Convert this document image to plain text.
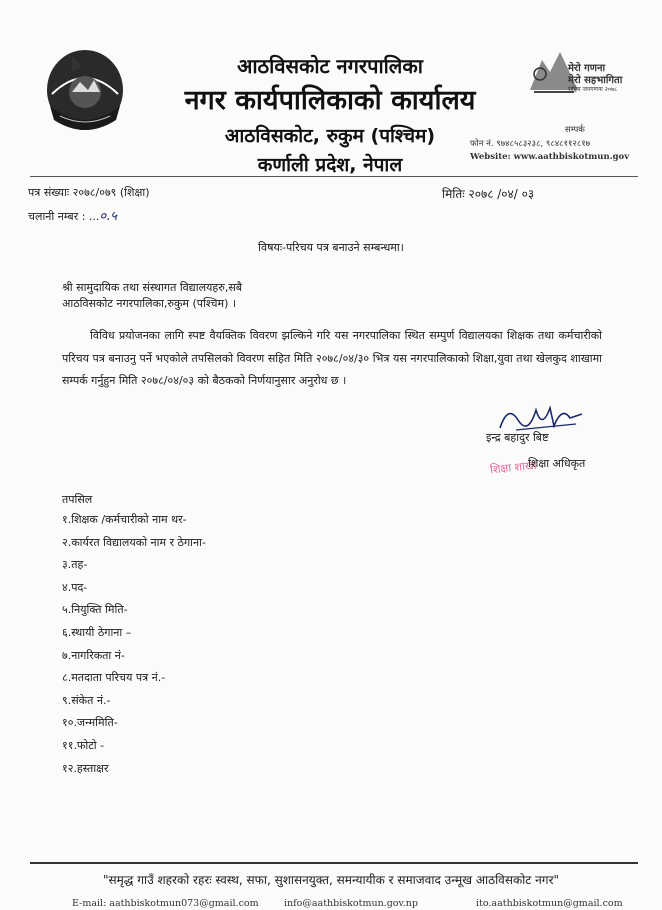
मेरो गणना
मेरो सहभागिता
राष्ट्रिय जनगणना २०७८
आठविसकोट नगरपालिका
नगर कार्यपालिकाको कार्यालय
आठविसकोट, रुकुम (पश्चिम)
कर्णाली प्रदेश, नेपाल
सम्पर्क
फोन नं. ९७४८५८३२३८, ९८४८११२८१७
Website: www.aathbiskotmun.gov
पत्र संख्याः २०७८/०७९ (शिक्षा)
चलानी नम्बर : ...०.५
मितिः २०७८ /०४/ ०३
विषयः-परिचय पत्र बनाउने सम्बन्धमा।
श्री सामुदायिक तथा संस्थागत विद्यालयहरु,सबै
आठविसकोट नगरपालिका,रुकुम (पश्चिम) ।
विविध प्रयोजनका लागि स्पष्ट वैयक्तिक विवरण झल्किने गरि यस नगरपालिका स्थित सम्पुर्ण विद्यालयका शिक्षक तथा कर्मचारीको परिचय पत्र बनाउनु पर्ने भएकोले तपसिलको विवरण सहित मिति २०७८/०४/३० भित्र यस नगरपालिकाको शिक्षा,युवा तथा खेलकुद शाखामा सम्पर्क गर्नुहुन मिति २०७८/०४/०३ को बैठकको निर्णयानुसार अनुरोध छ ।
इन्द्र बहादुर बिष्ट
शिक्षा शाखा
शिक्षा अधिकृत
तपसिल
१.शिक्षक /कर्मचारीको नाम थर-
२.कार्यरत विद्यालयको नाम र ठेगाना-
३.तह-
४.पद-
५.नियुक्ति मिति-
६.स्थायी ठेगाना –
७.नागरिकता नं-
८.मतदाता परिचय पत्र नं.-
९.संकेत नं.-
१०.जन्ममिति-
११.फोटो -
१२.हस्ताक्षर
"समृद्ध गाउँ शहरको रहरः स्वस्थ, सफा, सुशासनयुक्त, समन्यायीक र समाजवाद उन्मूख आठविसकोट नगर"
E-mail: aathbiskotmun073@gmail.com	info@aathbiskotmun.gov.np	ito.aathbiskotmun@gmail.com
